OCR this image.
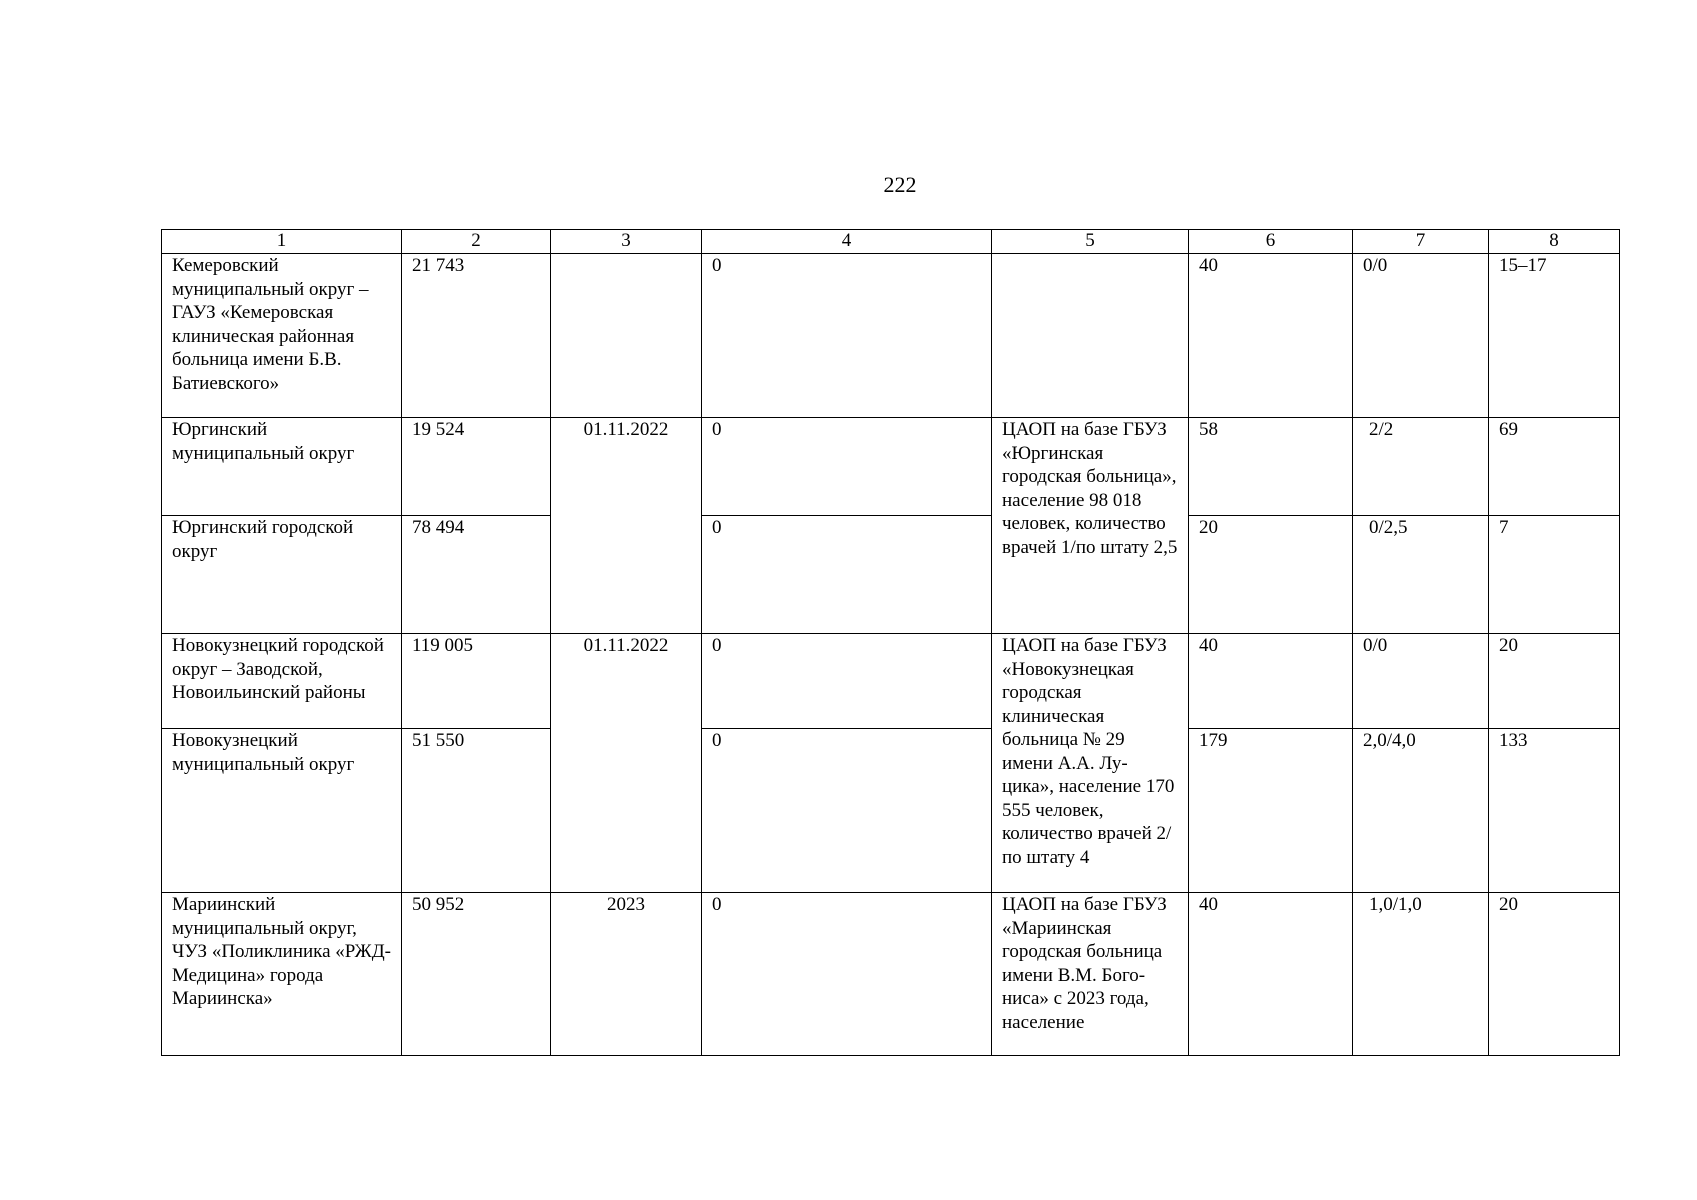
222
1	2	3	4	5	6	7	8
Кемеровский муниципальный округ – ГАУЗ «Кемеровская клиническая районная больница имени Б.В. Батиевского»	21 743		0		40	0/0	15–17
Юргинский муниципальный округ	19 524	01.11.2022	0	ЦАОП на базе ГБУЗ «Юргинская городская больница», население 98 018 человек, количество врачей 1/по штату 2,5	58	2/2	69
Юргинский городской округ	78 494		0		20	0/2,5	7
Новокузнецкий городской округ – Заводской, Новоильинский районы	119 005	01.11.2022	0	ЦАОП на базе ГБУЗ «Новокузнецкая городская клиническая больница № 29 имени А.А. Лу-цика», население 170 555 человек, количество врачей 2/по штату 4	40	0/0	20
Новокузнецкий муниципальный округ	51 550		0		179	2,0/4,0	133
Мариинский муниципальный округ, ЧУЗ «Поликлиника «РЖД-Медицина» города Мариинска»	50 952	2023	0	ЦАОП на базе ГБУЗ «Мариинская городская больница имени В.М. Бого-ниса» с 2023 года, население	40	1,0/1,0	20
